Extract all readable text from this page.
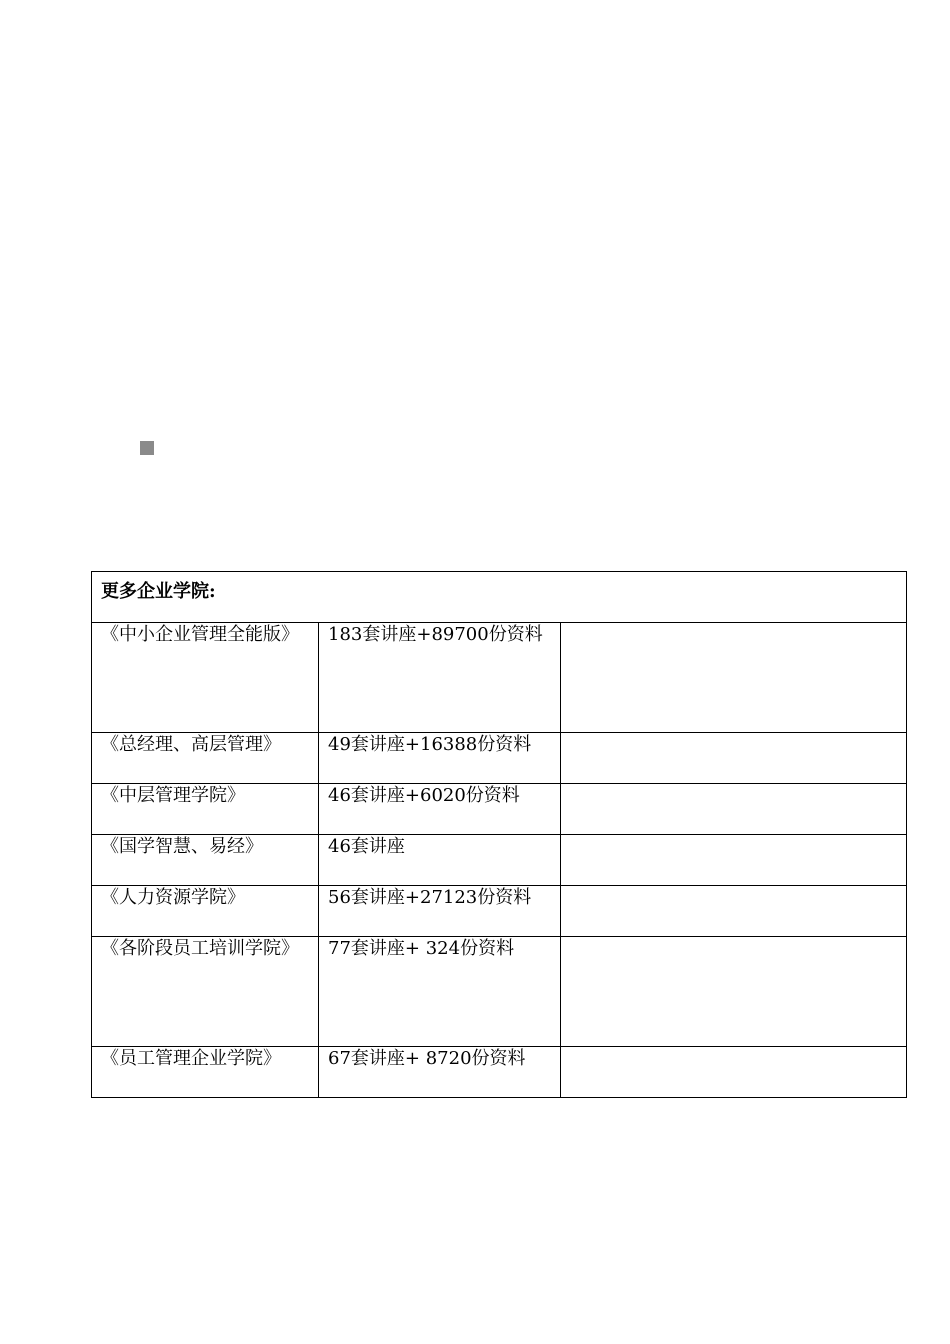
更多企业学院:		

《中小企业管理全能版》	183套讲座+89700份资料	

《总经理、高层管理》	49套讲座+16388份资料	

《中层管理学院》	46套讲座+6020份资料	

《国学智慧、易经》	46套讲座	

《人力资源学院》	56套讲座+27123份资料	

《各阶段员工培训学院》	77套讲座+ 324份资料	

《员工管理企业学院》	67套讲座+ 8720份资料	
